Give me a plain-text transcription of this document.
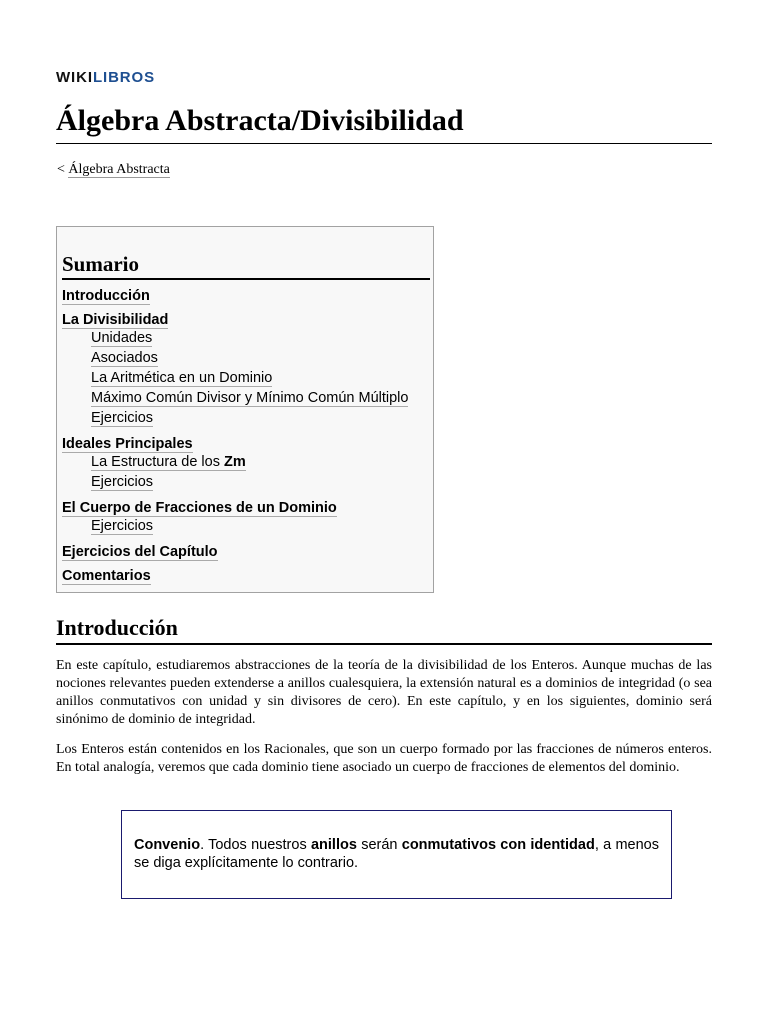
WIKILIBROS
Álgebra Abstracta/Divisibilidad
< Álgebra Abstracta
Sumario
Introducción
La Divisibilidad
Unidades
Asociados
La Aritmética en un Dominio
Máximo Común Divisor y Mínimo Común Múltiplo
Ejercicios
Ideales Principales
La Estructura de los Zm
Ejercicios
El Cuerpo de Fracciones de un Dominio
Ejercicios
Ejercicios del Capítulo
Comentarios
Introducción

En este capítulo, estudiaremos abstracciones de la teoría de la divisibilidad de los Enteros. Aunque muchas de las nociones relevantes pueden extenderse a anillos cualesquiera, la extensión natural es a dominios de integridad (o sea anillos conmutativos con unidad y sin divisores de cero). En este capítulo, y en los siguientes, dominio será sinónimo de dominio de integridad.

Los Enteros están contenidos en los Racionales, que son un cuerpo formado por las fracciones de números enteros. En total analogía, veremos que cada dominio tiene asociado un cuerpo de fracciones de elementos del dominio.

Convenio. Todos nuestros anillos serán conmutativos con identidad, a menos se diga explícitamente lo contrario.
